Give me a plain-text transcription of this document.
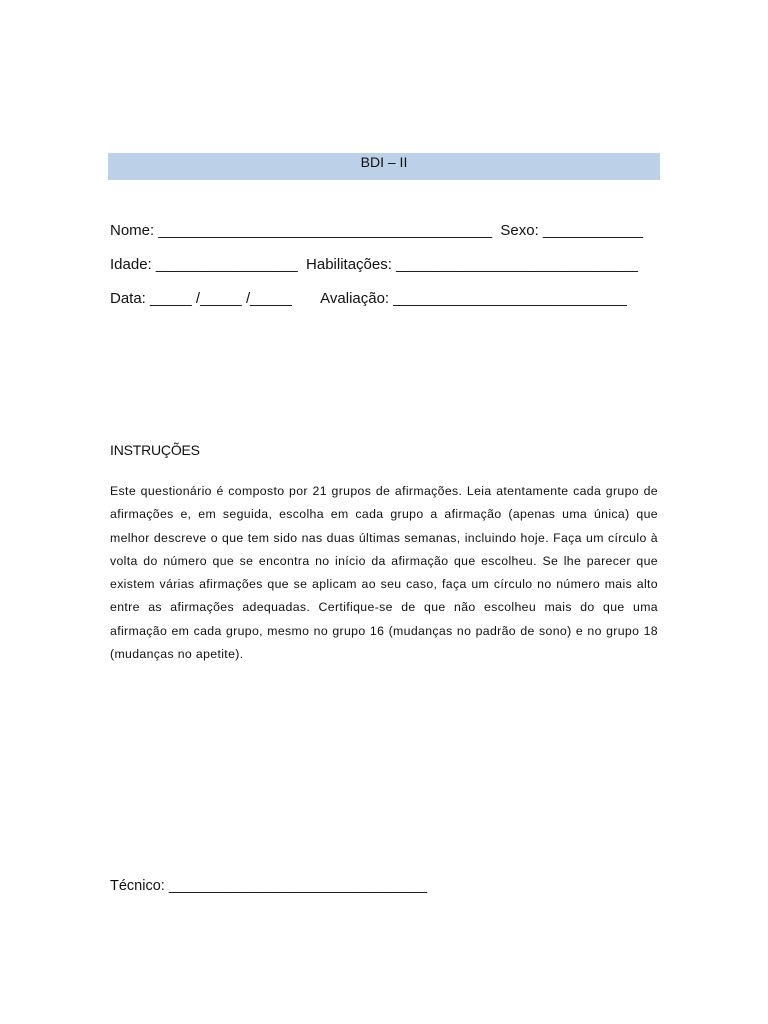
BDI – II
Nome: ________________________________________  Sexo: ____________
Idade: _________________  Habilitações: _____________________________
Data: _____ /_____ /_____       Avaliação: ____________________________
INSTRUÇÕES
Este questionário é composto por 21 grupos de afirmações. Leia atentamente cada grupo de afirmações e, em seguida, escolha em cada grupo a afirmação (apenas uma única) que melhor descreve o que tem sido nas duas últimas semanas, incluindo hoje. Faça um círculo à volta do número que se encontra no início da afirmação que escolheu. Se lhe parecer que existem várias afirmações que se aplicam ao seu caso, faça um círculo no número mais alto entre as afirmações adequadas. Certifique-se de que não escolheu mais do que uma afirmação em cada grupo, mesmo no grupo 16 (mudanças no padrão de sono) e no grupo 18 (mudanças no apetite).
Técnico: ________________________________
